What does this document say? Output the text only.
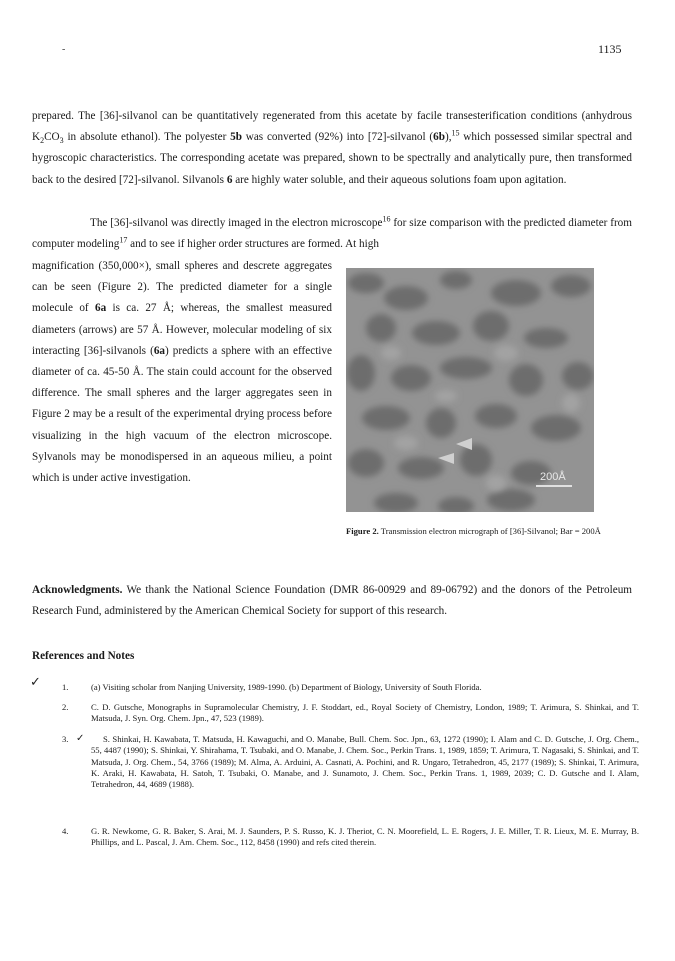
-	1135

prepared. The [36]-silvanol can be quantitatively regenerated from this acetate by facile transesterification conditions (anhydrous $K_2CO_3$ in absolute ethanol). The polyester 5b was converted (92%) into [72]-silvanol (6b),$^{15}$ which possessed similar spectral and hygroscopic characteristics. The corresponding acetate was prepared, shown to be spectrally and analytically pure, then transformed back to the desired [72]-silvanol. Silvanols 6 are highly water soluble, and their aqueous solutions foam upon agitation.

The [36]-silvanol was directly imaged in the electron microscope$^{16}$ for size comparison with the predicted diameter from computer modeling$^{17}$ and to see if higher order structures are formed. At high

magnification (350,000×), small spheres and descrete aggregates can be seen (Figure 2). The predicted diameter for a single molecule of 6a is ca. 27 Å; whereas, the smallest measured diameters (arrows) are 57 Å. However, molecular modeling of six interacting [36]-silvanols (6a) predicts a sphere with an effective diameter of ca. 45-50 Å. The stain could account for the observed difference. The small spheres and the larger aggregates seen in Figure 2 may be a result of the experimental drying process before visualizing in the high vacuum of the electron microscope. Sylvanols may be monodispersed in an aqueous milieu, a point which is under active investigation.	200Å

Figure 2. Transmission electron micrograph of [36]-Silvanol; Bar = 200Å

Acknowledgments. We thank the National Science Foundation (DMR 86-00929 and 89-06792) and the donors of the Petroleum Research Fund, administered by the American Chemical Society for support of this research.

References and Notes
✓ 1.	(a) Visiting scholar from Nanjing University, 1989-1990. (b) Department of Biology, University of South Florida.
2.	C. D. Gutsche, Monographs in Supramolecular Chemistry, J. F. Stoddart, ed., Royal Society of Chemistry, London, 1989; T. Arimura, S. Shinkai, and T. Matsuda, J. Syn. Org. Chem. Jpn., 47, 523 (1989).
✓
3.	S. Shinkai, H. Kawabata, T. Matsuda, H. Kawaguchi, and O. Manabe, Bull. Chem. Soc. Jpn., 63, 1272 (1990); I. Alam and C. D. Gutsche, J. Org. Chem., 55, 4487 (1990); S. Shinkai, Y. Shirahama, T. Tsubaki, and O. Manabe, J. Chem. Soc., Perkin Trans. 1, 1989, 1859; T. Arimura, T. Nagasaki, S. Shinkai, and T. Matsuda, J. Org. Chem., 54, 3766 (1989); M. Alma, A. Arduini, A. Casnati, A. Pochini, and R. Ungaro, Tetrahedron, 45, 2177 (1989); S. Shinkai, T. Arimura, K. Araki, H. Kawabata, H. Satoh, T. Tsubaki, O. Manabe, and J. Sunamoto, J. Chem. Soc., Perkin Trans. 1, 1989, 2039; C. D. Gutsche and I. Alam, Tetrahedron, 44, 4689 (1988).
4.	G. R. Newkome, G. R. Baker, S. Arai, M. J. Saunders, P. S. Russo, K. J. Theriot, C. N. Moorefield, L. E. Rogers, J. E. Miller, T. R. Lieux, M. E. Murray, B. Phillips, and L. Pascal, J. Am. Chem. Soc., 112, 8458 (1990) and refs cited therein.
